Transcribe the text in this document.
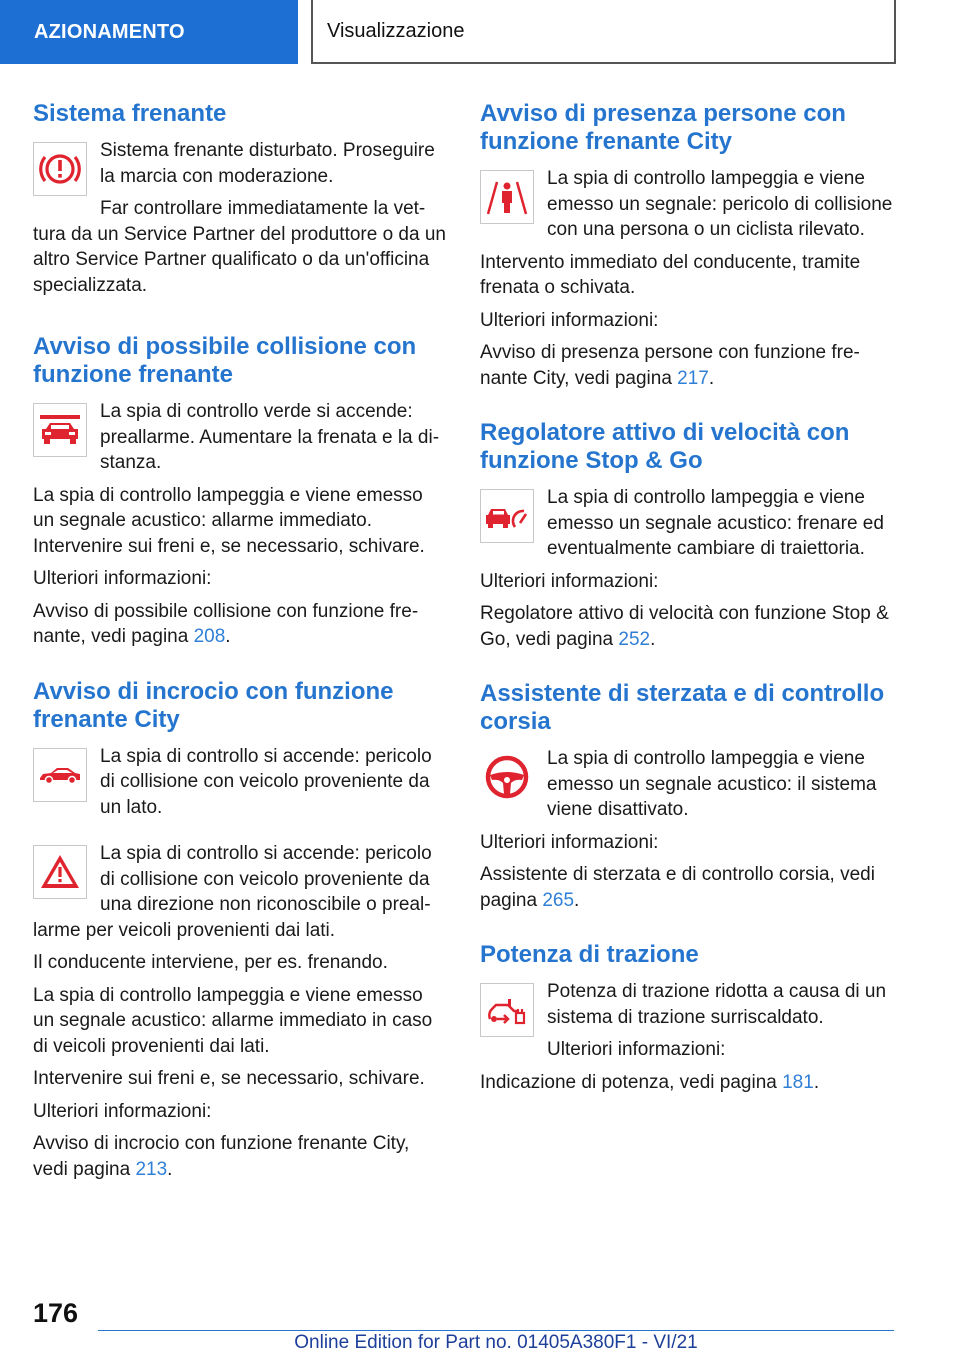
AZIONAMENTO	Visualizzazione
Sistema frenante

Sistema frenante disturbato. Proseguire la marcia con moderazione.

Far controllare immediatamente la vettura da un Service Partner del produttore o da un altro Service Partner qualificato o da un'officina specializzata.

Avviso di possibile collisione con funzione frenante

La spia di controllo verde si accende: preallarme. Aumentare la frenata e la distanza.

La spia di controllo lampeggia e viene emesso un segnale acustico: allarme immediato. Intervenire sui freni e, se necessario, schivare.

Ulteriori informazioni:

Avviso di possibile collisione con funzione frenante, vedi pagina 208.

Avviso di incrocio con funzione frenante City

La spia di controllo si accende: pericolo di collisione con veicolo proveniente da un lato.

La spia di controllo si accende: pericolo di collisione con veicolo proveniente da una direzione non riconoscibile o preallarme per veicoli provenienti dai lati.

Il conducente interviene, per es. frenando.

La spia di controllo lampeggia e viene emesso un segnale acustico: allarme immediato in caso di veicoli provenienti dai lati.

Intervenire sui freni e, se necessario, schivare.

Ulteriori informazioni:

Avviso di incrocio con funzione frenante City, vedi pagina 213.

Avviso di presenza persone con funzione frenante City

La spia di controllo lampeggia e viene emesso un segnale: pericolo di collisione con una persona o un ciclista rilevato.

Intervento immediato del conducente, tramite frenata o schivata.

Ulteriori informazioni:

Avviso di presenza persone con funzione frenante City, vedi pagina 217.

Regolatore attivo di velocità con funzione Stop & Go

La spia di controllo lampeggia e viene emesso un segnale acustico: frenare ed eventualmente cambiare di traiettoria.

Ulteriori informazioni:

Regolatore attivo di velocità con funzione Stop & Go, vedi pagina 252.

Assistente di sterzata e di controllo corsia

La spia di controllo lampeggia e viene emesso un segnale acustico: il sistema viene disattivato.

Ulteriori informazioni:

Assistente di sterzata e di controllo corsia, vedi pagina 265.

Potenza di trazione

Potenza di trazione ridotta a causa di un sistema di trazione surriscaldato.

Ulteriori informazioni:

Indicazione di potenza, vedi pagina 181.

176
Online Edition for Part no. 01405A380F1 - VI/21
